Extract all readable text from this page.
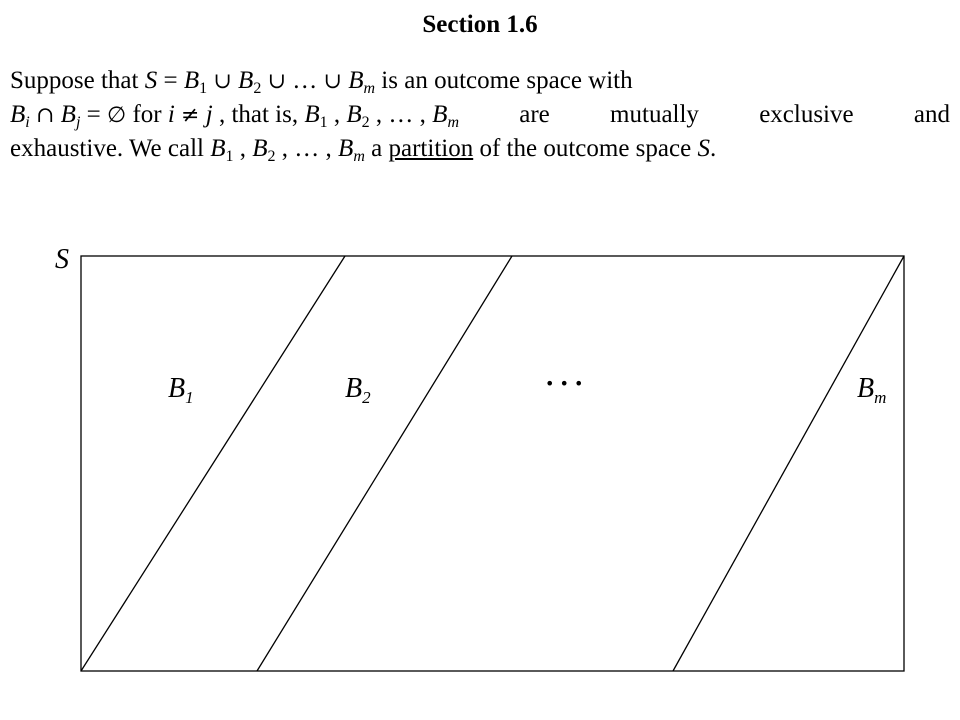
Section 1.6
Suppose that $S = B_1$ ∪ $B_2$ ∪ … ∪ $B_m$ is an outcome space with
$B_i$ ∩ $B_j$ = ∅ for i ≠ j , that is, $B_1$ , $B_2$ , … , $B_m$ are mutually exclusive and
exhaustive. We call $B_1$ , $B_2$ , … , $B_m$ a partition of the outcome space S.
S
$B_1$	$B_2$	$B_m$
• • •
